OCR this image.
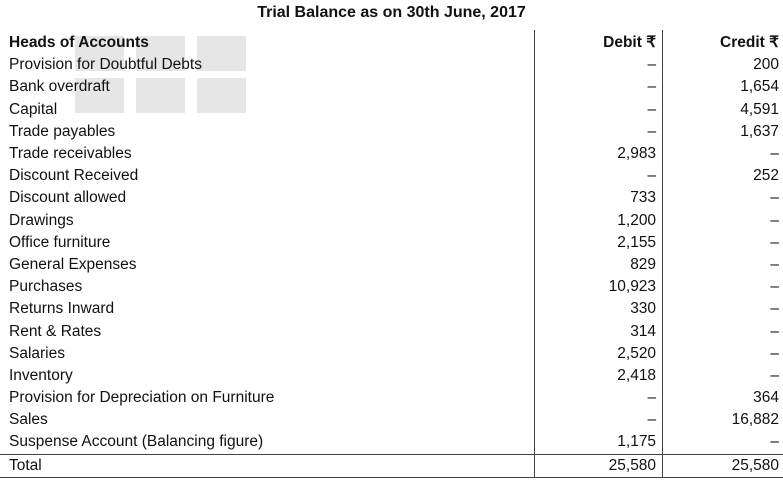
Trial Balance as on 30th June, 2017
Heads of Accounts	Debit ₹	Credit ₹
Provision for Doubtful Debts	–	200
Bank overdraft	–	1,654
Capital	–	4,591
Trade payables	–	1,637
Trade receivables	2,983	–
Discount Received	–	252
Discount allowed	733	–
Drawings	1,200	–
Office furniture	2,155	–
General Expenses	829	–
Purchases	10,923	–
Returns Inward	330	–
Rent & Rates	314	–
Salaries	2,520	–
Inventory	2,418	–
Provision for Depreciation on Furniture	–	364
Sales	–	16,882
Suspense Account (Balancing figure)	1,175	–
Total	25,580	25,580
